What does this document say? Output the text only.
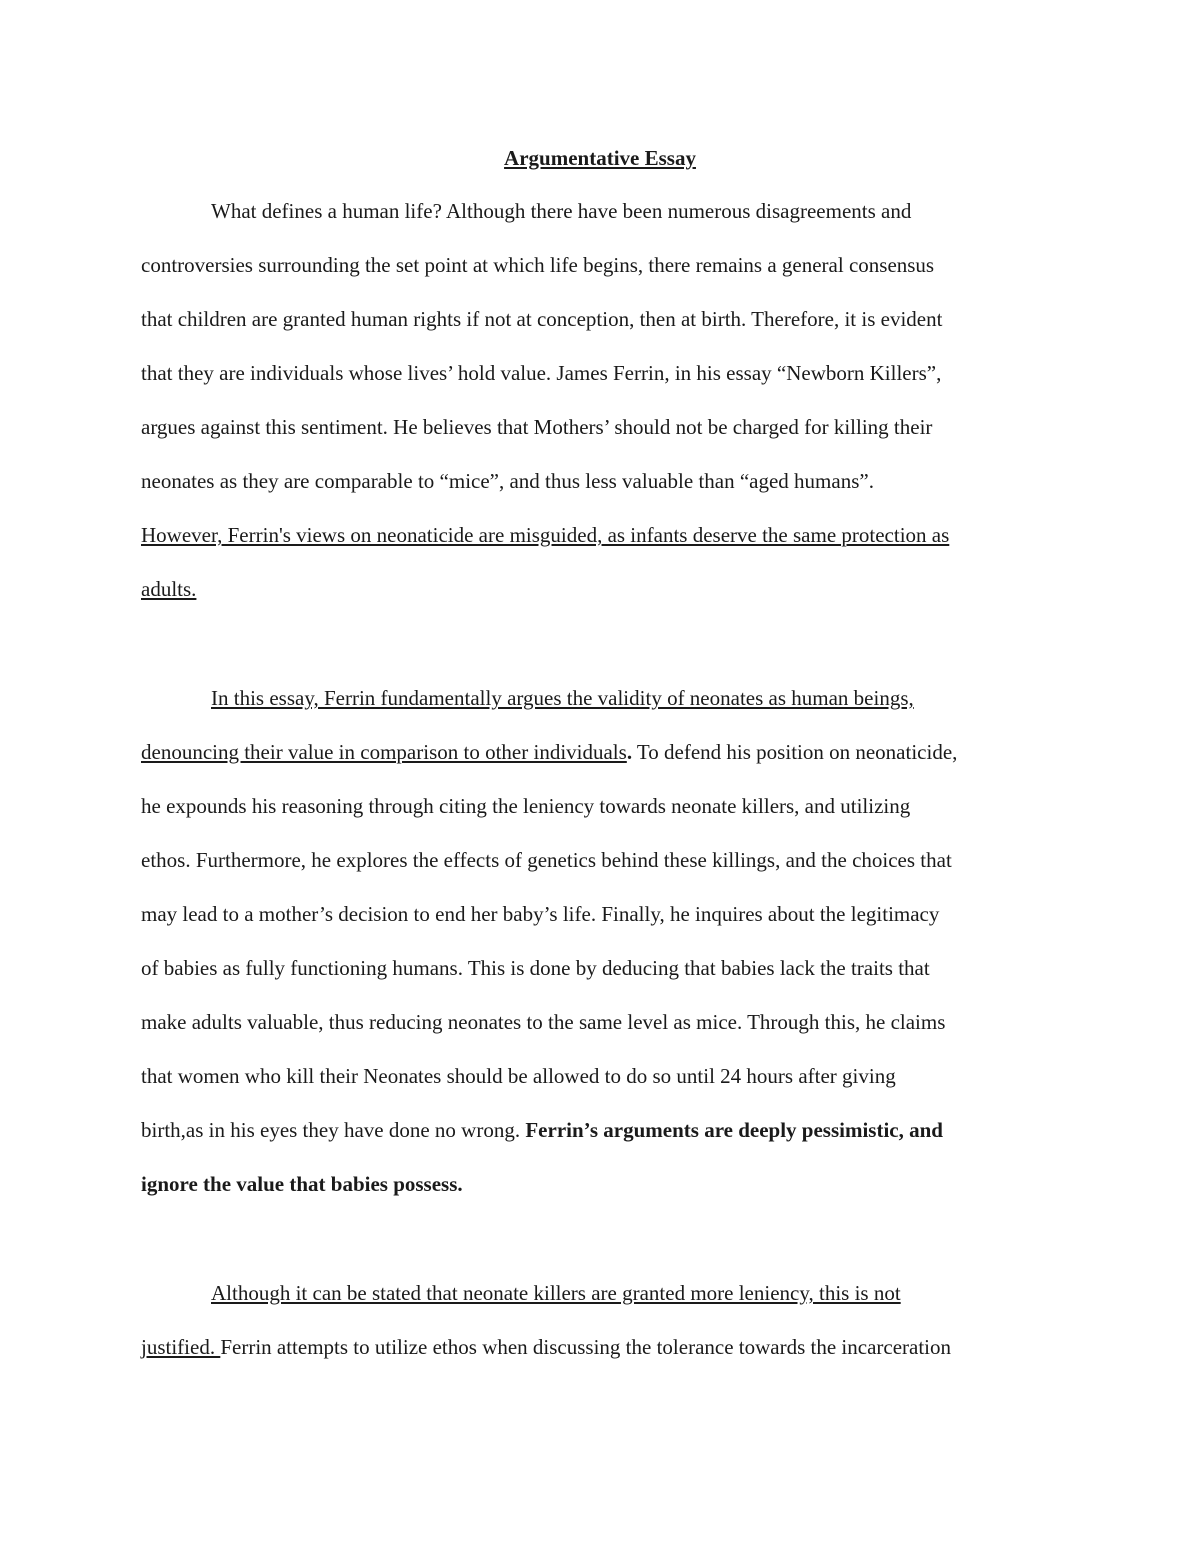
Argumentative Essay
What defines a human life? Although there have been numerous disagreements and
controversies surrounding the set point at which life begins, there remains a general consensus
that children are granted human rights if not at conception, then at birth. Therefore, it is evident
that they are individuals whose lives’ hold value. James Ferrin, in his essay “Newborn Killers”,
argues against this sentiment. He believes that Mothers’ should not be charged for killing their
neonates as they are comparable to “mice”, and thus less valuable than “aged humans”.
However, Ferrin's views on neonaticide are misguided, as infants deserve the same protection as
adults.
In this essay, Ferrin fundamentally argues the validity of neonates as human beings,
denouncing their value in comparison to other individuals. To defend his position on neonaticide,
he expounds his reasoning through citing the leniency towards neonate killers, and utilizing
ethos. Furthermore, he explores the effects of genetics behind these killings, and the choices that
may lead to a mother’s decision to end her baby’s life. Finally, he inquires about the legitimacy
of babies as fully functioning humans. This is done by deducing that babies lack the traits that
make adults valuable, thus reducing neonates to the same level as mice. Through this, he claims
that women who kill their Neonates should be allowed to do so until 24 hours after giving
birth,as in his eyes they have done no wrong. Ferrin’s arguments are deeply pessimistic, and
ignore the value that babies possess.
Although it can be stated that neonate killers are granted more leniency, this is not
justified. Ferrin attempts to utilize ethos when discussing the tolerance towards the incarceration
